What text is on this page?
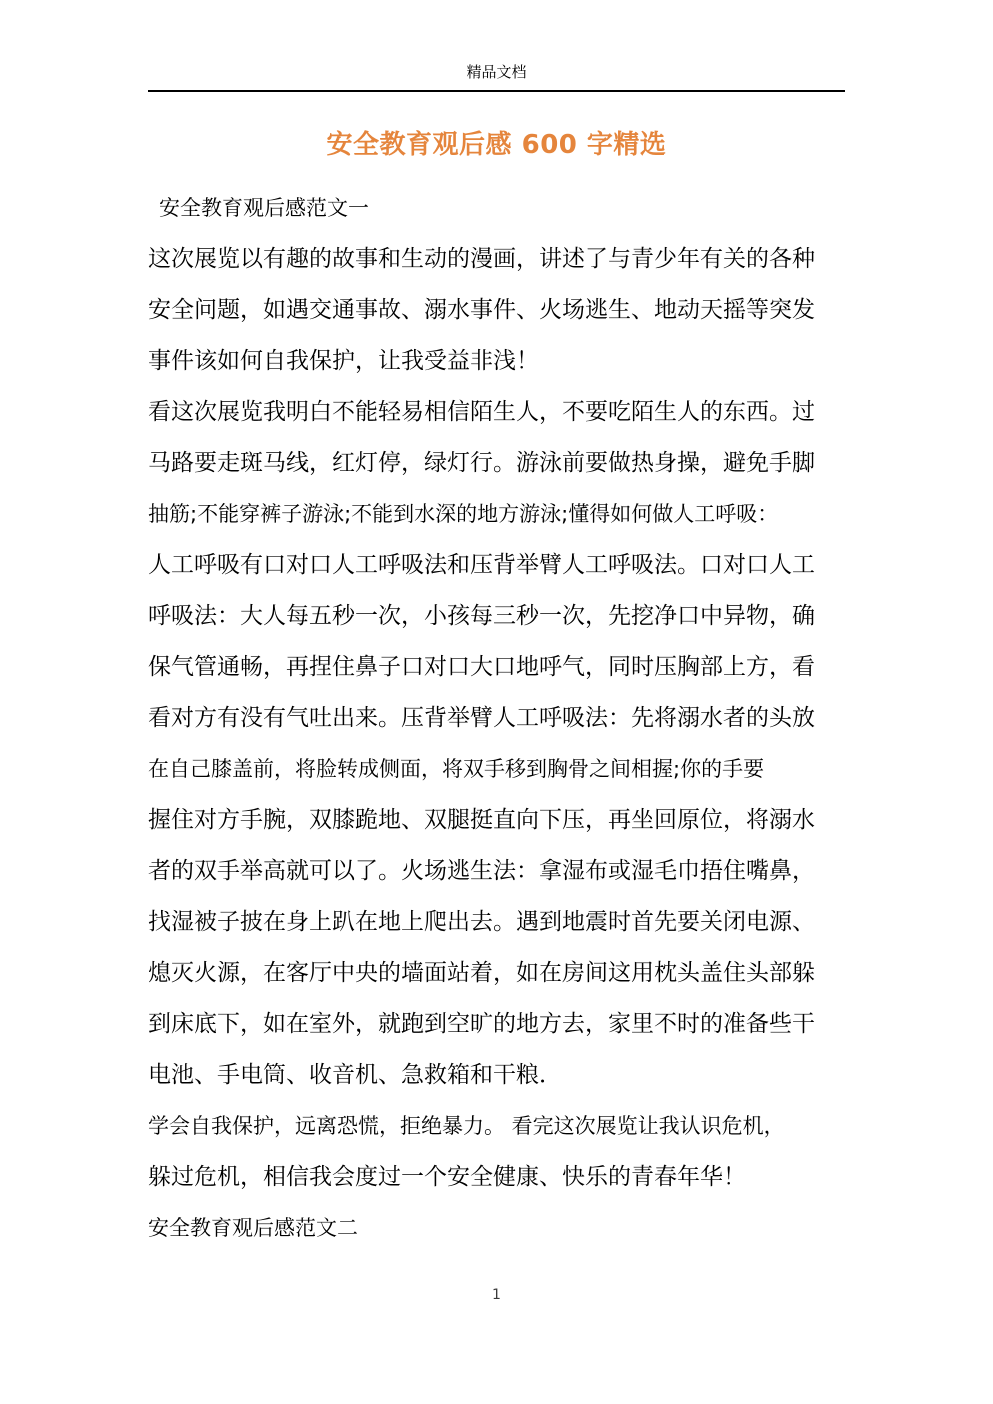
精品文档
安全教育观后感 600 字精选
安全教育观后感范文一
这次展览以有趣的故事和生动的漫画，讲述了与青少年有关的各种
安全问题，如遇交通事故、溺水事件、火场逃生、地动天摇等突发
事件该如何自我保护，让我受益非浅！
看这次展览我明白不能轻易相信陌生人，不要吃陌生人的东西。过
马路要走斑马线，红灯停，绿灯行。游泳前要做热身操，避免手脚
抽筋;不能穿裤子游泳;不能到水深的地方游泳;懂得如何做人工呼吸：
人工呼吸有口对口人工呼吸法和压背举臂人工呼吸法。口对口人工
呼吸法：大人每五秒一次，小孩每三秒一次，先挖净口中异物，确
保气管通畅，再捏住鼻子口对口大口地呼气，同时压胸部上方，看
看对方有没有气吐出来。压背举臂人工呼吸法：先将溺水者的头放
在自己膝盖前，将脸转成侧面，将双手移到胸骨之间相握;你的手要
握住对方手腕，双膝跪地、双腿挺直向下压，再坐回原位，将溺水
者的双手举高就可以了。火场逃生法：拿湿布或湿毛巾捂住嘴鼻，
找湿被子披在身上趴在地上爬出去。遇到地震时首先要关闭电源、
熄灭火源，在客厅中央的墙面站着，如在房间这用枕头盖住头部躲
到床底下，如在室外，就跑到空旷的地方去，家里不时的准备些干
电池、手电筒、收音机、急救箱和干粮．
学会自我保护，远离恐慌，拒绝暴力。 看完这次展览让我认识危机，
躲过危机，相信我会度过一个安全健康、快乐的青春年华！
安全教育观后感范文二
1
